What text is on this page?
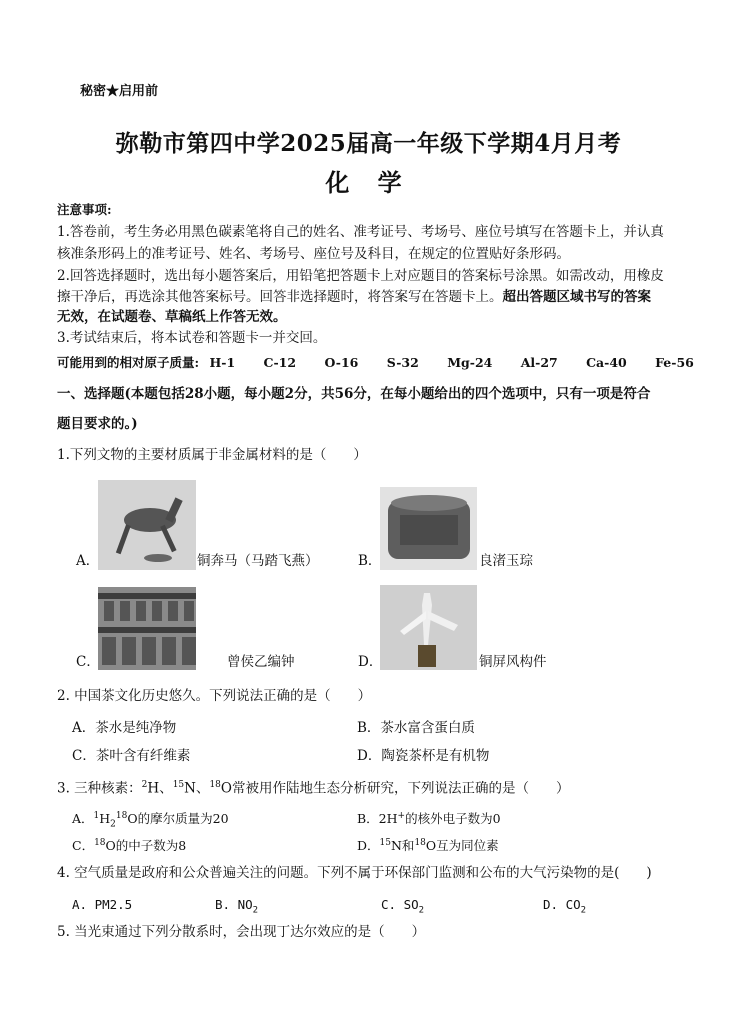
秘密★启用前
弥勒市第四中学2025届高一年级下学期4月月考
化 学
注意事项:
1.答卷前，考生务必用黑色碳素笔将自己的姓名、准考证号、考场号、座位号填写在答题卡上，并认真
核准条形码上的准考证号、姓名、考场号、座位号及科目，在规定的位置贴好条形码。
2.回答选择题时，选出每小题答案后，用铅笔把答题卡上对应题目的答案标号涂黑。如需改动，用橡皮
擦干净后，再选涂其他答案标号。回答非选择题时，将答案写在答题卡上。超出答题区域书写的答案
无效，在试题卷、草稿纸上作答无效。
3.考试结束后，将本试卷和答题卡一并交回。
可能用到的相对原子质量: H-1 C-12 O-16 S-32 Mg-24 Al-27 Ca-40 Fe-56
一、选择题(本题包括28小题，每小题2分，共56分，在每小题给出的四个选项中，只有一项是符合
题目要求的。)
1.下列文物的主要材质属于非金属材料的是（　　）
A．	铜奔马（马踏飞燕）	B．	良渚玉琮
C．	曾侯乙编钟	D．	铜屏风构件
2. 中国茶文化历史悠久。下列说法正确的是（　　）
A．茶水是纯净物	B．茶水富含蛋白质
C．茶叶含有纤维素	D．陶瓷茶杯是有机物
3. 三种核素：$^2$H、$^{15}$N、$^{18}$O常被用作陆地生态分析研究，下列说法正确的是（　　）
A．$^1H_2^{18}O$的摩尔质量为20	B．2H+的核外电子数为0
C．$^{18}$O的中子数为8	D．$^{15}$N和$^{18}$O互为同位素
4. 空气质量是政府和公众普遍关注的问题。下列不属于环保部门监测和公布的大气污染物的是(　　)
A. PM2.5	B. $NO_2$	C. $SO_2$	D. $CO_2$
5. 当光束通过下列分散系时，会出现丁达尔效应的是（　　）
